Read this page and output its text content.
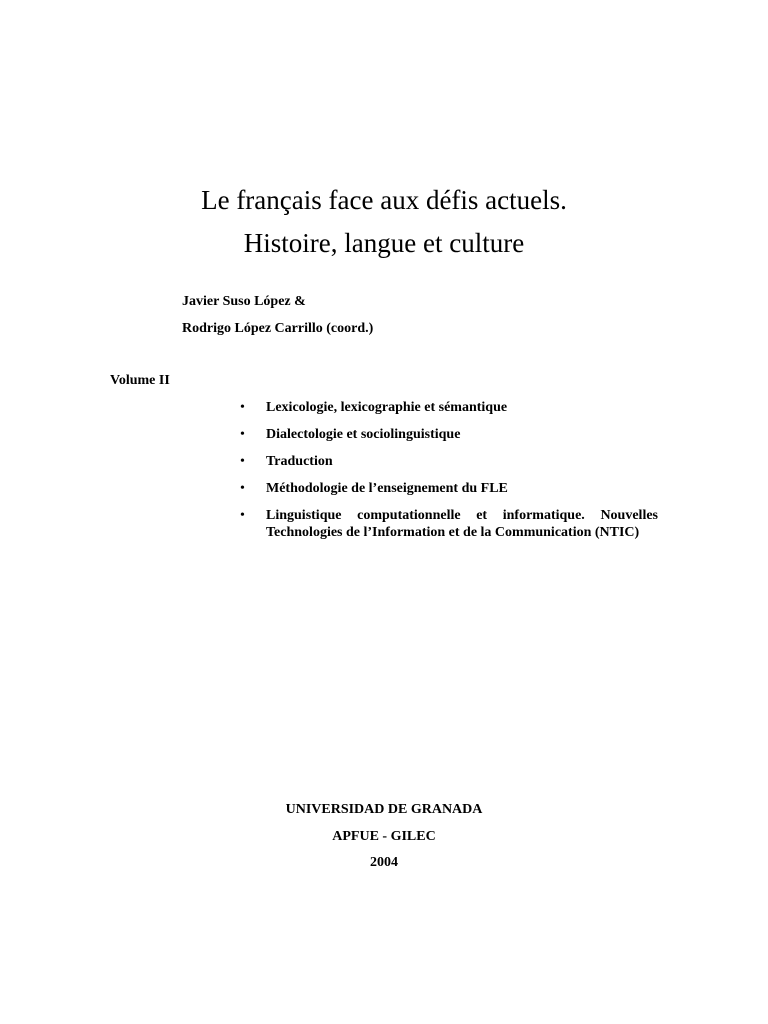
Le français face aux défis actuels.
Histoire, langue et culture
Javier Suso López &
Rodrigo López Carrillo (coord.)
Volume II
• Lexicologie, lexicographie et sémantique
• Dialectologie et sociolinguistique
• Traduction
• Méthodologie de l’enseignement du FLE
• Linguistique computationnelle et informatique. Nouvelles Technologies de l’Information et de la Communication (NTIC)
UNIVERSIDAD DE GRANADA
APFUE - GILEC
2004
